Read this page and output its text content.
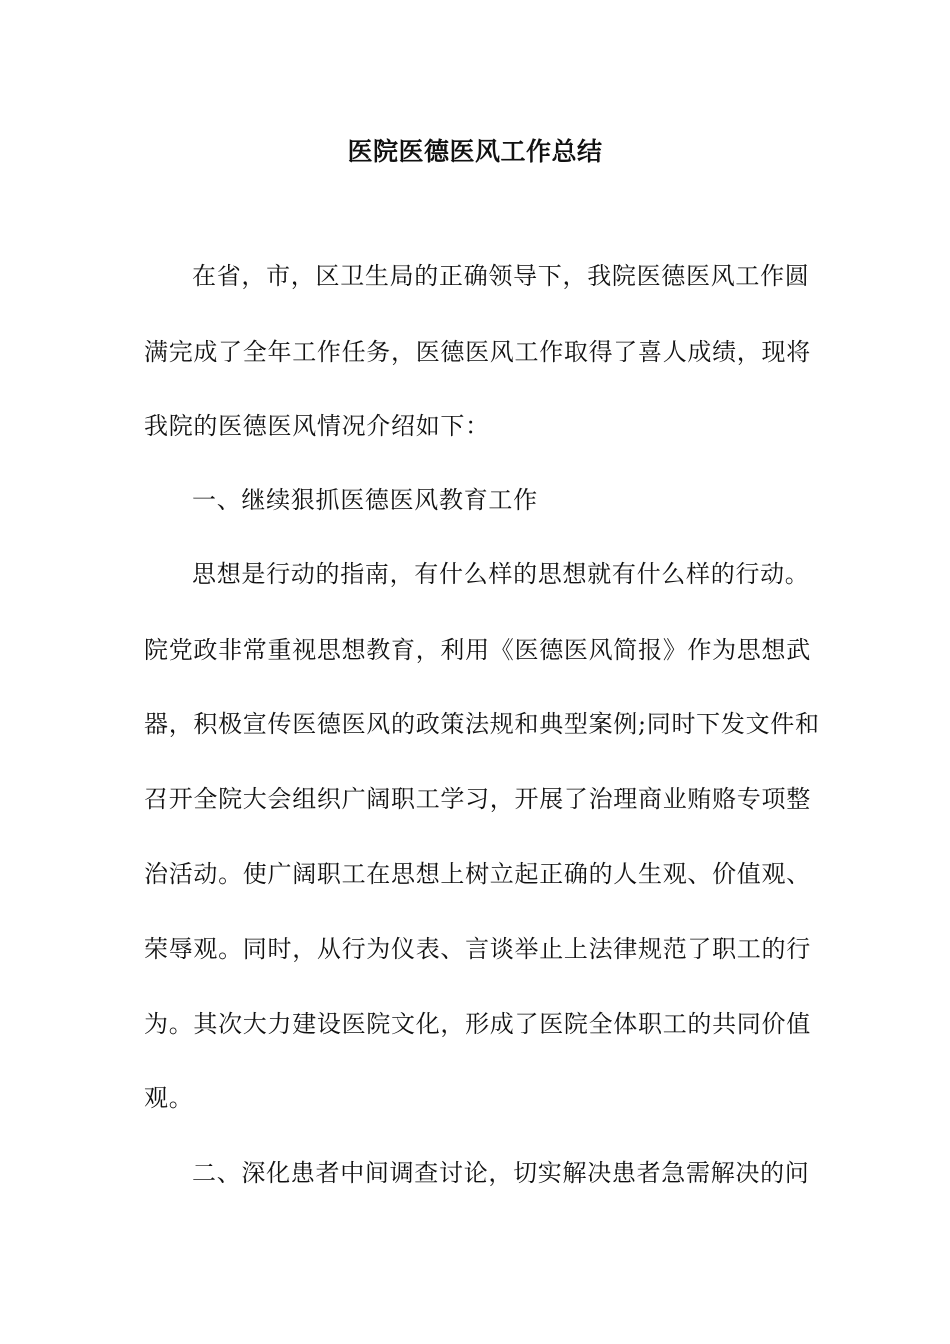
医院医德医风工作总结
在省，市，区卫生局的正确领导下，我院医德医风工作圆
满完成了全年工作任务，医德医风工作取得了喜人成绩，现将
我院的医德医风情况介绍如下：
一、继续狠抓医德医风教育工作
思想是行动的指南，有什么样的思想就有什么样的行动。
院党政非常重视思想教育，利用《医德医风简报》作为思想武
器，积极宣传医德医风的政策法规和典型案例;同时下发文件和
召开全院大会组织广阔职工学习，开展了治理商业贿赂专项整
治活动。使广阔职工在思想上树立起正确的人生观、价值观、
荣辱观。同时，从行为仪表、言谈举止上法律规范了职工的行
为。其次大力建设医院文化，形成了医院全体职工的共同价值
观。
二、深化患者中间调查讨论，切实解决患者急需解决的问
